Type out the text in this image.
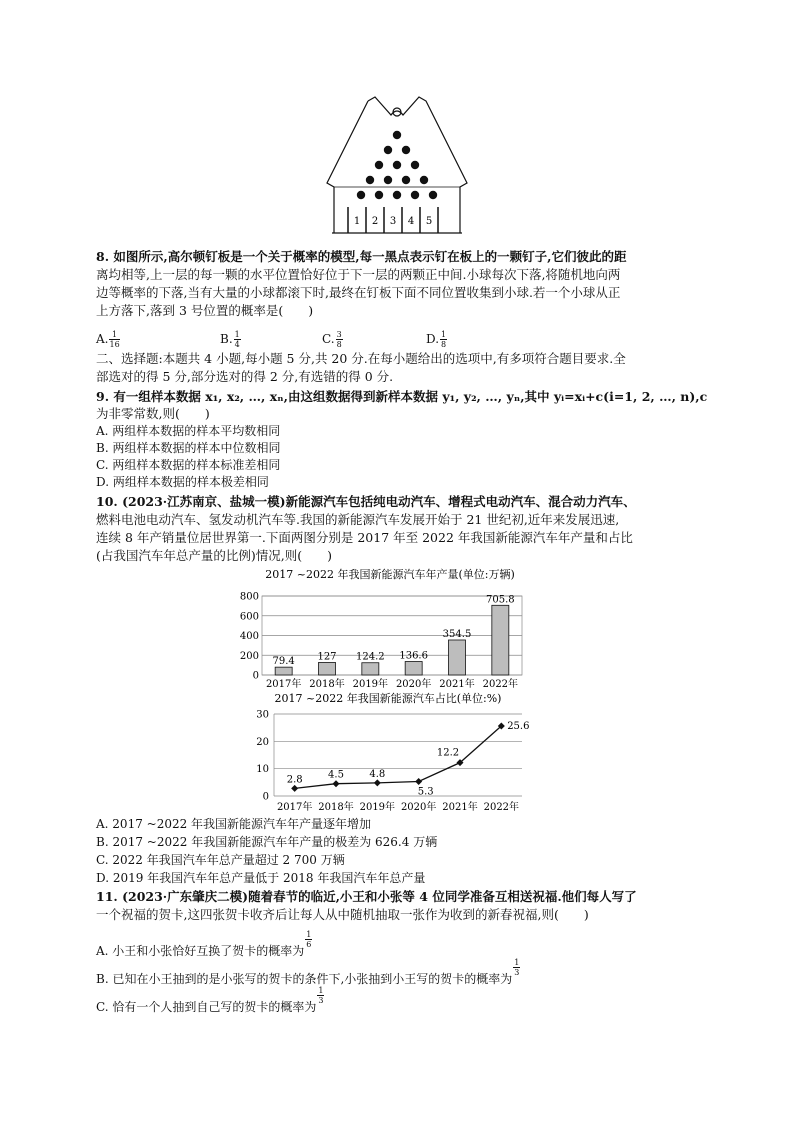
1 2 3 4 5
8. 如图所示,高尔顿钉板是一个关于概率的模型,每一黑点表示钉在板上的一颗钉子,它们彼此的距
离均相等,上一层的每一颗的水平位置恰好位于下一层的两颗正中间.小球每次下落,将随机地向两
边等概率的下落,当有大量的小球都滚下时,最终在钉板下面不同位置收集到小球.若一个小球从正
上方落下,落到 3 号位置的概率是(　　)
A. $\frac{1}{16}$	B. $\frac{1}{4}$	C. $\frac{3}{8}$	D. $\frac{1}{8}$
二、选择题:本题共 4 小题,每小题 5 分,共 20 分.在每小题给出的选项中,有多项符合题目要求.全
部选对的得 5 分,部分选对的得 2 分,有选错的得 0 分.
9. 有一组样本数据 x₁, x₂, …, xₙ,由这组数据得到新样本数据 y₁, y₂, …, yₙ,其中 yᵢ=xᵢ+c(i=1, 2, …, n),c
为非零常数,则(　　)
A. 两组样本数据的样本平均数相同
B. 两组样本数据的样本中位数相同
C. 两组样本数据的样本标准差相同
D. 两组样本数据的样本极差相同
10. (2023·江苏南京、盐城一模)新能源汽车包括纯电动汽车、增程式电动汽车、混合动力汽车、
燃料电池电动汽车、氢发动机汽车等.我国的新能源汽车发展开始于 21 世纪初,近年来发展迅速,
连续 8 年产销量位居世界第一.下面两图分别是 2017 年至 2022 年我国新能源汽车年产量和占比
(占我国汽车年总产量的比例)情况,则(　　)
2017 ~2022 年我国新能源汽车年产量(单位:万辆)
0
200
400
600
800
79.4 127 124.2 136.6
354.5
705.8
2017年 2018年 2019年 2020年 2021年 2022年
2017 ~2022 年我国新能源汽车占比(单位:%)
0
10
20
30
2.8	4.5	4.8
5.3
12.2
25.6
2017年 2018年 2019年 2020年 2021年 2022年
A. 2017 ~2022 年我国新能源汽车年产量逐年增加
B. 2017 ~2022 年我国新能源汽车年产量的极差为 626.4 万辆
C. 2022 年我国汽车年总产量超过 2 700 万辆
D. 2019 年我国汽车年总产量低于 2018 年我国汽车年总产量
11. (2023·广东肇庆二模)随着春节的临近,小王和小张等 4 位同学准备互相送祝福.他们每人写了
一个祝福的贺卡,这四张贺卡收齐后让每人从中随机抽取一张作为收到的新春祝福,则(　　)
A. 小王和小张恰好互换了贺卡的概率为
$\frac{1}{6}$
B. 已知在小王抽到的是小张写的贺卡的条件下,小张抽到小王写的贺卡的概率为
$\frac{1}{3}$
C. 恰有一个人抽到自己写的贺卡的概率为
$\frac{1}{3}$
